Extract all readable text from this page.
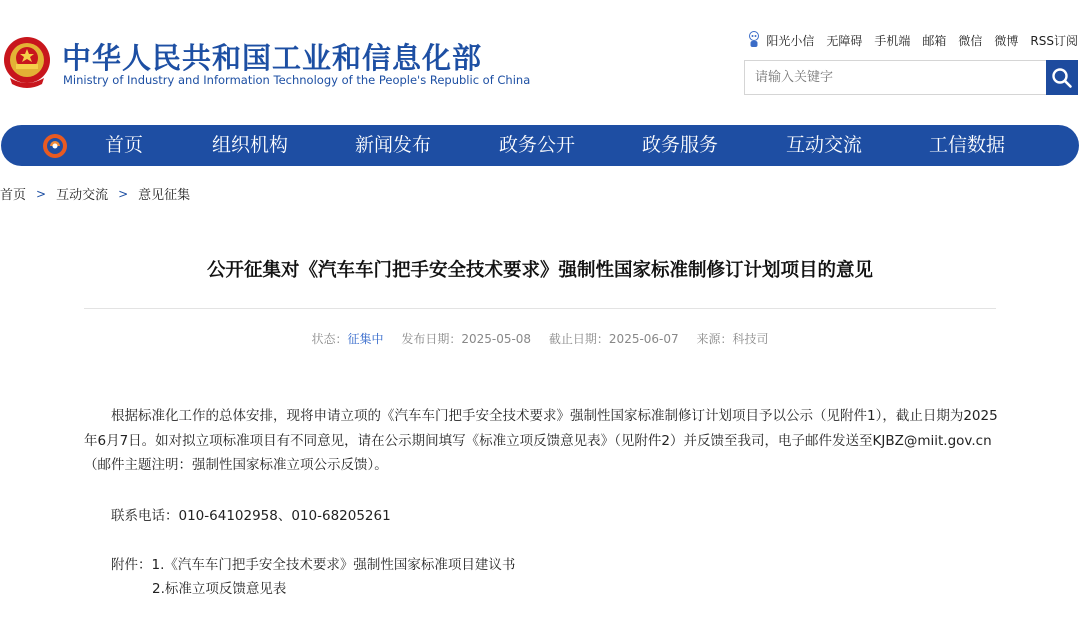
中华人民共和国工业和信息化部
Ministry of Industry and Information Technology of the People's Republic of China
阳光小信 无障碍 手机端 邮箱 微信 微博 RSS订阅
请输入关键字
首页	组织机构	新闻发布	政务公开	政务服务	互动交流	工信数据
首页 > 互动交流 > 意见征集
公开征集对《汽车车门把手安全技术要求》强制性国家标准制修订计划项目的意见
状态：征集中 发布日期：2025-05-08 截止日期：2025-06-07 来源：科技司
根据标准化工作的总体安排，现将申请立项的《汽车车门把手安全技术要求》强制性国家标准制修订计划项目予以公示（见附件1），截止日期为2025
年6月7日。如对拟立项标准项目有不同意见，请在公示期间填写《标准立项反馈意见表》（见附件2）并反馈至我司，电子邮件发送至KJBZ@miit.gov.cn
（邮件主题注明：强制性国家标准立项公示反馈）。
联系电话：010-64102958、010-68205261
附件：1.《汽车车门把手安全技术要求》强制性国家标准项目建议书
2.标准立项反馈意见表
